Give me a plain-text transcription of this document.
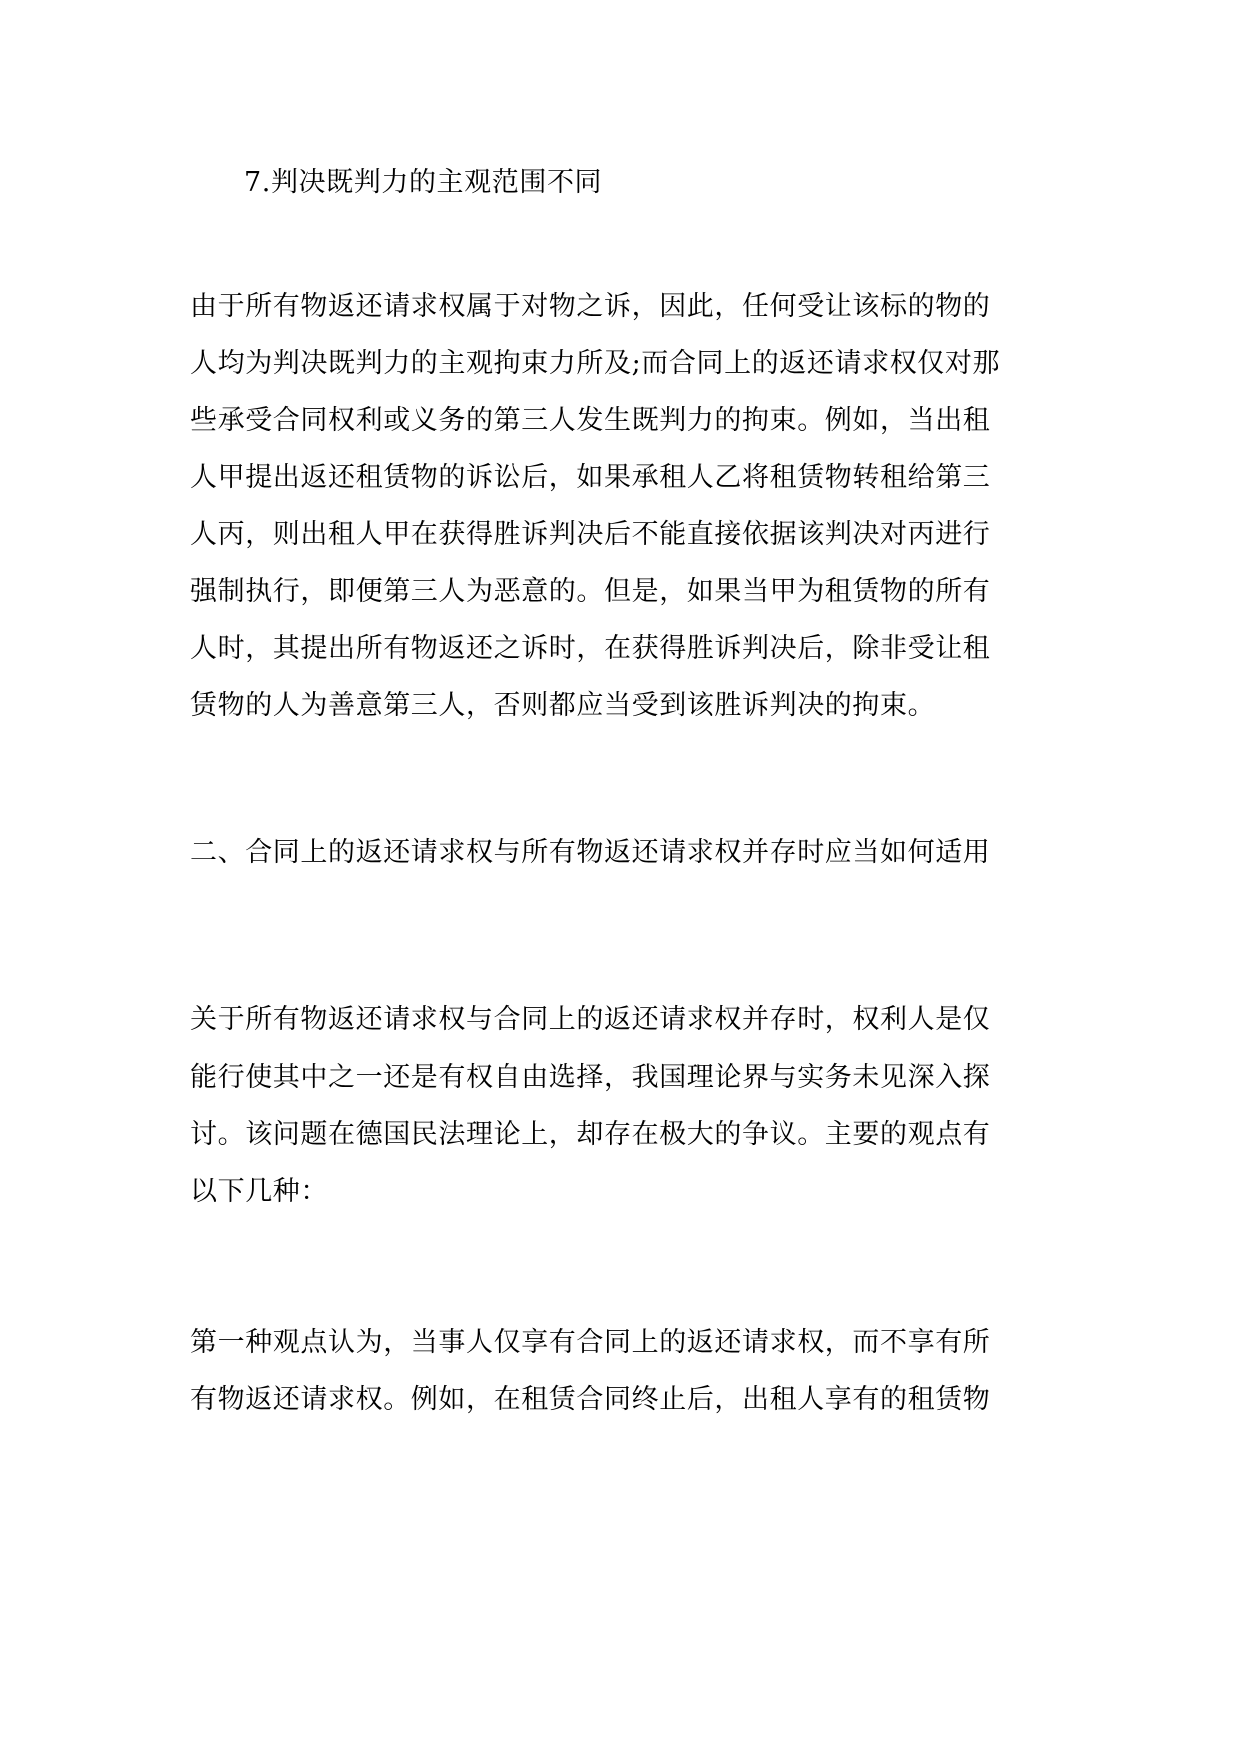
7.判决既判力的主观范围不同
由于所有物返还请求权属于对物之诉，因此，任何受让该标的物的
人均为判决既判力的主观拘束力所及;而合同上的返还请求权仅对那
些承受合同权利或义务的第三人发生既判力的拘束。例如，当出租
人甲提出返还租赁物的诉讼后，如果承租人乙将租赁物转租给第三
人丙，则出租人甲在获得胜诉判决后不能直接依据该判决对丙进行
强制执行，即便第三人为恶意的。但是，如果当甲为租赁物的所有
人时，其提出所有物返还之诉时，在获得胜诉判决后，除非受让租
赁物的人为善意第三人，否则都应当受到该胜诉判决的拘束。
二、合同上的返还请求权与所有物返还请求权并存时应当如何适用
关于所有物返还请求权与合同上的返还请求权并存时，权利人是仅
能行使其中之一还是有权自由选择，我国理论界与实务未见深入探
讨。该问题在德国民法理论上，却存在极大的争议。主要的观点有
以下几种：
第一种观点认为，当事人仅享有合同上的返还请求权，而不享有所
有物返还请求权。例如，在租赁合同终止后，出租人享有的租赁物
